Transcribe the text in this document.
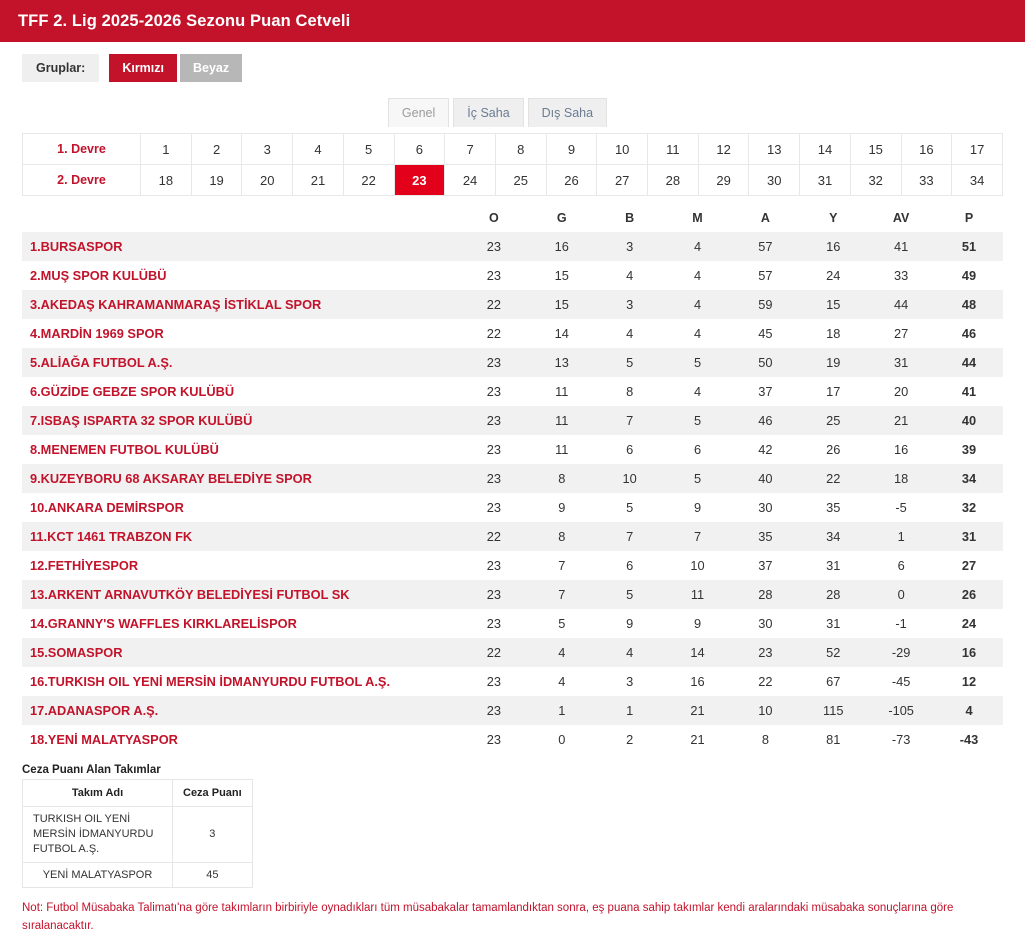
TFF 2. Lig 2025-2026 Sezonu Puan Cetveli
Gruplar:	Kırmızı	Beyaz
Genel	İç Saha	Dış Saha
1. Devre	1	2	3	4	5	6	7	8	9	10	11	12	13	14	15	16	17
2. Devre	18	19	20	21	22	23	24	25	26	27	28	29	30	31	32	33	34
	O	G	B	M	A	Y	AV	P
1.BURSASPOR	23	16	3	4	57	16	41	51
2.MUŞ SPOR KULÜBÜ	23	15	4	4	57	24	33	49
3.AKEDAŞ KAHRAMANMARAŞ İSTİKLAL SPOR	22	15	3	4	59	15	44	48
4.MARDİN 1969 SPOR	22	14	4	4	45	18	27	46
5.ALİAĞA FUTBOL A.Ş.	23	13	5	5	50	19	31	44
6.GÜZİDE GEBZE SPOR KULÜBÜ	23	11	8	4	37	17	20	41
7.ISBAŞ ISPARTA 32 SPOR KULÜBÜ	23	11	7	5	46	25	21	40
8.MENEMEN FUTBOL KULÜBÜ	23	11	6	6	42	26	16	39
9.KUZEYBORU 68 AKSARAY BELEDİYE SPOR	23	8	10	5	40	22	18	34
10.ANKARA DEMİRSPOR	23	9	5	9	30	35	-5	32
11.KCT 1461 TRABZON FK	22	8	7	7	35	34	1	31
12.FETHİYESPOR	23	7	6	10	37	31	6	27
13.ARKENT ARNAVUTKÖY BELEDİYESİ FUTBOL SK	23	7	5	11	28	28	0	26
14.GRANNY'S WAFFLES KIRKLARELİSPOR	23	5	9	9	30	31	-1	24
15.SOMASPOR	22	4	4	14	23	52	-29	16
16.TURKISH OIL YENİ MERSİN İDMANYURDU FUTBOL A.Ş.	23	4	3	16	22	67	-45	12
17.ADANASPOR A.Ş.	23	1	1	21	10	115	-105	4
18.YENİ MALATYASPOR	23	0	2	21	8	81	-73	-43
Ceza Puanı Alan Takımlar
Takım Adı	Ceza Puanı
TURKISH OIL YENİ MERSİN İDMANYURDU FUTBOL A.Ş.	3
YENİ MALATYASPOR	45
Not: Futbol Müsabaka Talimatı'na göre takımların birbiriyle oynadıkları tüm müsabakalar tamamlandıktan sonra, eş puana sahip takımlar kendi aralarındaki müsabaka sonuçlarına göre sıralanacaktır.
